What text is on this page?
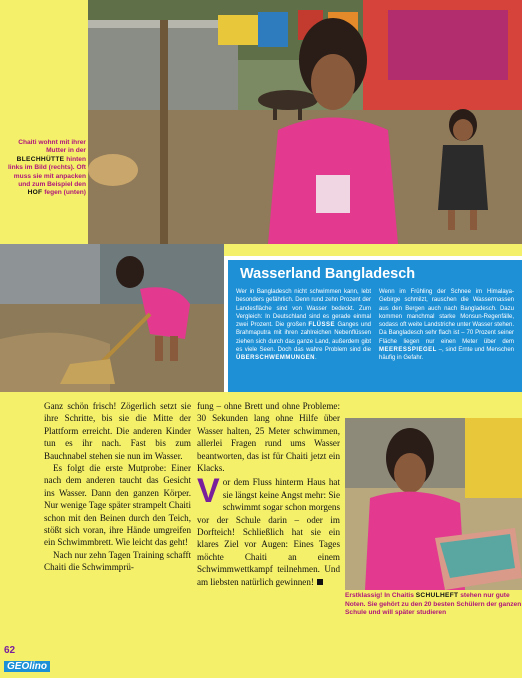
Chaiti wohnt mit ihrer Mutter in der BLECHHÜTTE hinten links im Bild (rechts). Oft muss sie mit anpacken und zum Beispiel den HOF fegen (unten)
Wasserland Bangladesch
Wer in Bangladesch nicht schwimmen kann, lebt besonders gefährlich. Denn rund zehn Prozent der Landesfläche sind von Wasser bedeckt. Zum Vergleich: In Deutschland sind es gerade einmal zwei Prozent. Die großen FLÜSSE Ganges und Brahmaputra mit ihren zahlreichen Nebenflüssen ziehen sich durch das ganze Land, außerdem gibt es viele Seen. Doch das wahre Problem sind die ÜBERSCHWEMMUNGEN.
Wenn im Frühling der Schnee im Himalaya-Gebirge schmilzt, rauschen die Wassermassen aus den Bergen auch nach Bangladesch. Dazu kommen manchmal starke Monsun-Regenfälle, sodass oft weite Landstriche unter Wasser stehen. Da Bangladesch sehr flach ist – 70 Prozent seiner Fläche liegen nur einen Meter über dem MEERESSPIEGEL –, sind Ernte und Menschen häufig in Gefahr.

Ganz schön frisch! Zögerlich setzt sie ihre Schritte, bis sie die Mitte der Plattform erreicht. Die anderen Kinder tun es ihr nach. Fast bis zum Bauchnabel stehen sie nun im Wasser.

Es folgt die erste Mutprobe: Einer nach dem anderen taucht das Gesicht ins Wasser. Dann den ganzen Körper. Nur wenige Tage später strampelt Chaiti schon mit den Beinen durch den Teich, stößt sich voran, ihre Hände umgreifen ein Schwimmbrett. Wie leicht das geht!

Nach nur zehn Tagen Training schafft Chaiti die Schwimmprü-

fung – ohne Brett und ohne Probleme: 30 Sekunden lang ohne Hilfe über Wasser halten, 25 Meter schwimmen, allerlei Fragen rund ums Wasser beantworten, das ist für Chaiti jetzt ein Klacks.

Vor dem Fluss hinterm Haus hat sie längst keine Angst mehr: Sie schwimmt sogar schon morgens vor der Schule darin – oder im Dorfteich! Schließlich hat sie ein klares Ziel vor Augen: Eines Tages möchte Chaiti an einem Schwimmwettkampf teilnehmen. Und am liebsten natürlich gewinnen!

Erstklassig! In Chaitis SCHULHEFT stehen nur gute Noten. Sie gehört zu den 20 besten Schülern der ganzen Schule und will später studieren
62
GEOlino
